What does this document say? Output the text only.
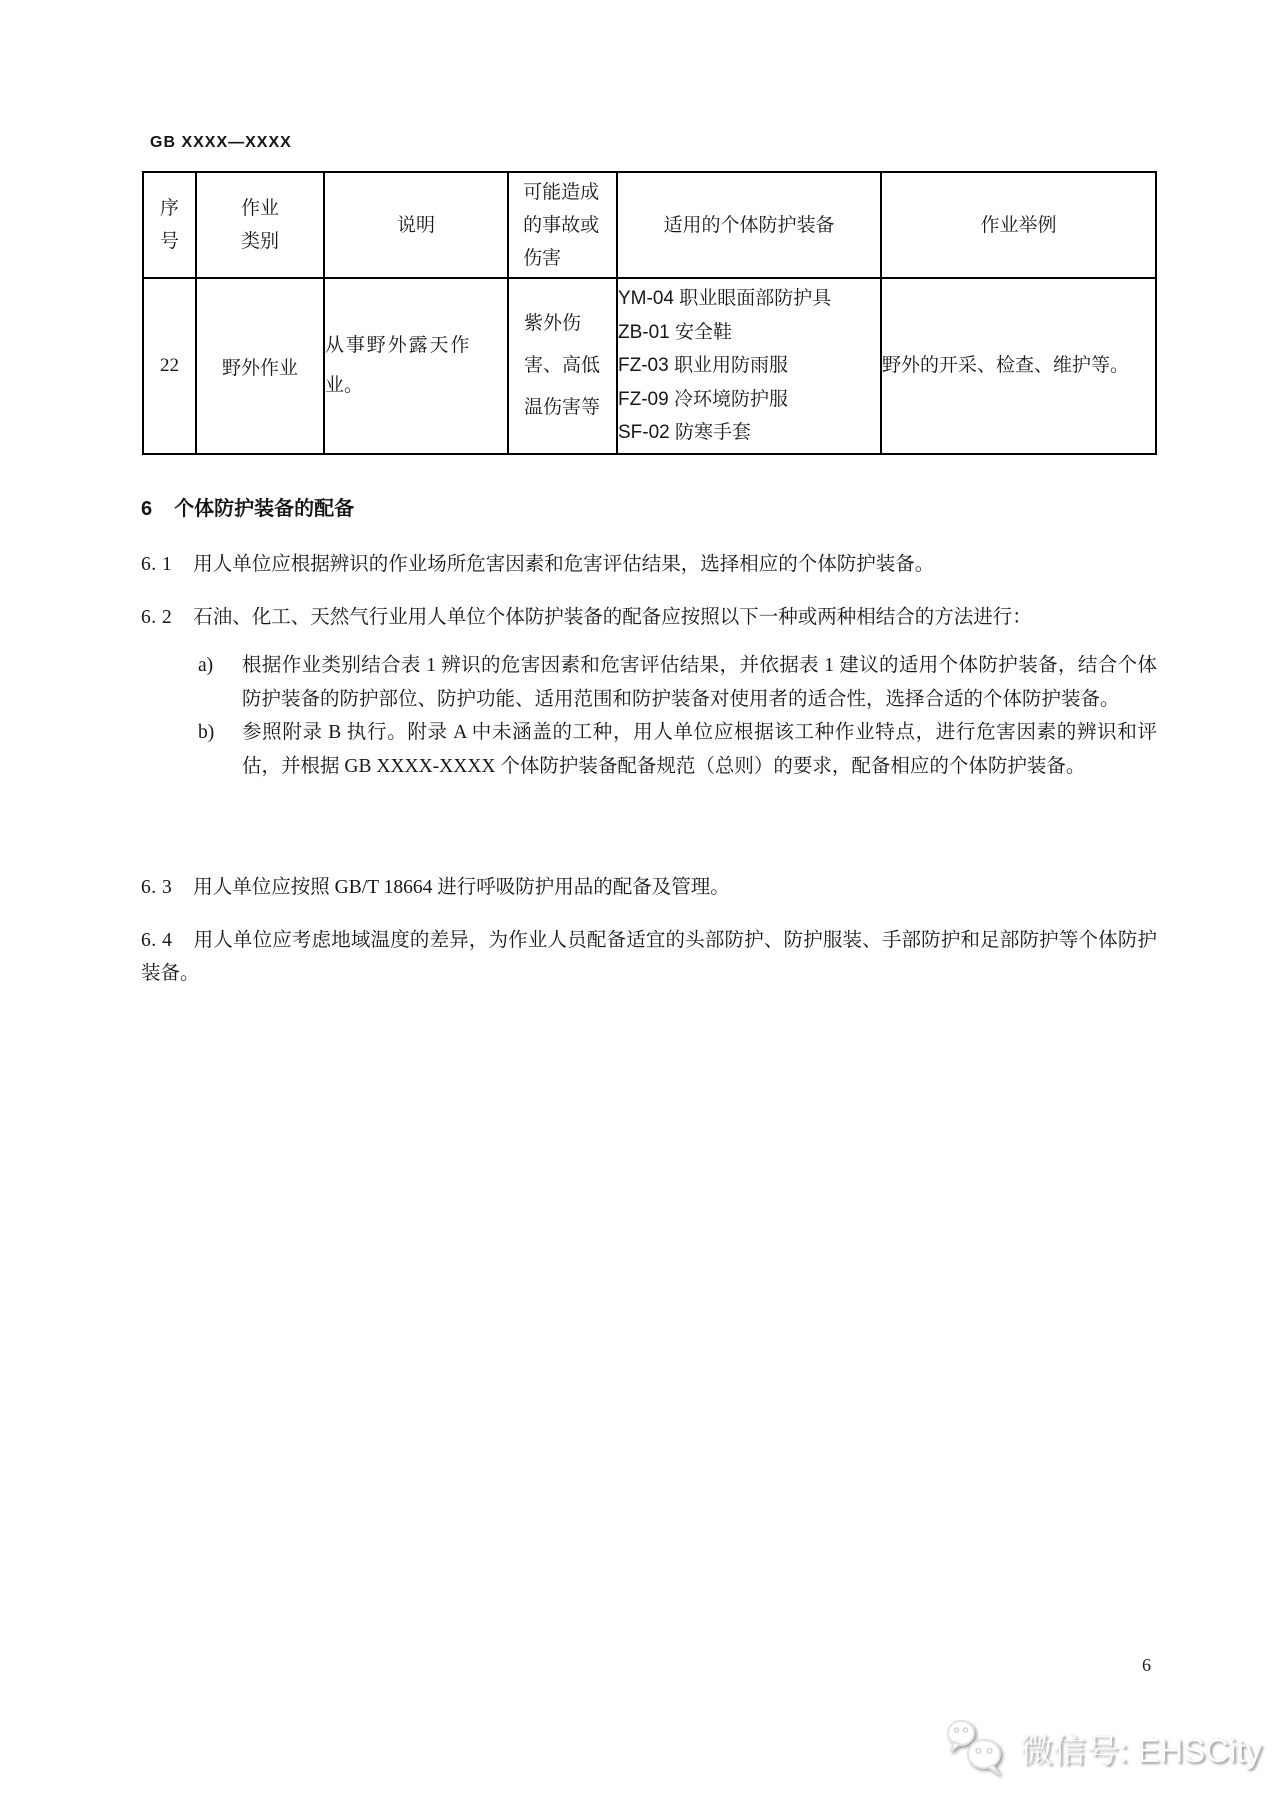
GB XXXX—XXXX
序号	作业类别	说明	可能造成的事故或伤害	适用的个体防护装备	作业举例
22	野外作业	从事野外露天作业。	紫外伤害、高低温伤害等	YM-04 职业眼面部防护具
ZB-01 安全鞋
FZ-03 职业用防雨服
FZ-09 冷环境防护服
SF-02 防寒手套	野外的开采、检查、维护等。
6 个体防护装备的配备
6. 1 用人单位应根据辨识的作业场所危害因素和危害评估结果，选择相应的个体防护装备。
6. 2 石油、化工、天然气行业用人单位个体防护装备的配备应按照以下一种或两种相结合的方法进行：
a) 根据作业类别结合表 1 辨识的危害因素和危害评估结果，并依据表 1 建议的适用个体防护装备，结合个体防护装备的防护部位、防护功能、适用范围和防护装备对使用者的适合性，选择合适的个体防护装备。
b) 参照附录 B 执行。附录 A 中未涵盖的工种，用人单位应根据该工种作业特点，进行危害因素的辨识和评估，并根据 GB XXXX-XXXX 个体防护装备配备规范（总则）的要求，配备相应的个体防护装备。
6. 3 用人单位应按照 GB/T 18664 进行呼吸防护用品的配备及管理。
6. 4 用人单位应考虑地域温度的差异，为作业人员配备适宜的头部防护、防护服装、手部防护和足部防护等个体防护装备。
6
微信号: EHSCity
